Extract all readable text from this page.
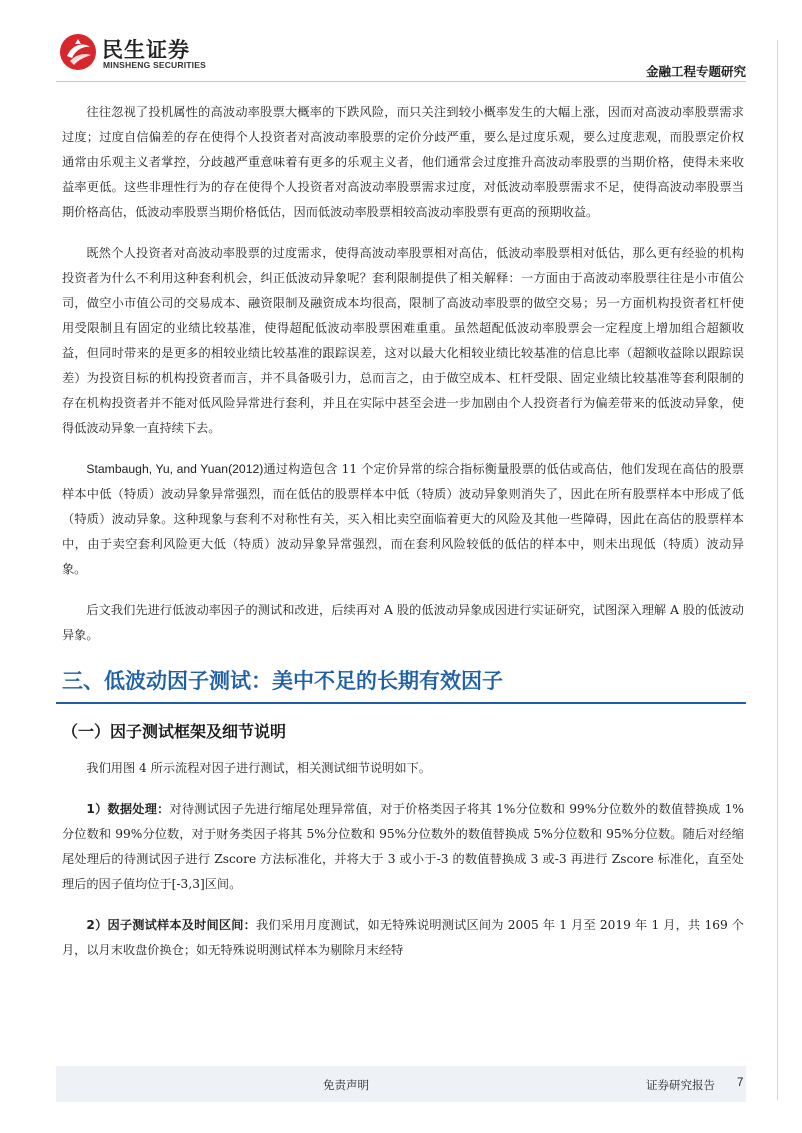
民生证券
MINSHENG SECURITIES	金融工程专题研究

往往忽视了投机属性的高波动率股票大概率的下跌风险，而只关注到较小概率发生的大幅上涨，因而对高波动率股票需求过度；过度自信偏差的存在使得个人投资者对高波动率股票的定价分歧严重，要么是过度乐观，要么过度悲观，而股票定价权通常由乐观主义者掌控，分歧越严重意味着有更多的乐观主义者，他们通常会过度推升高波动率股票的当期价格，使得未来收益率更低。这些非理性行为的存在使得个人投资者对高波动率股票需求过度，对低波动率股票需求不足，使得高波动率股票当期价格高估，低波动率股票当期价格低估，因而低波动率股票相较高波动率股票有更高的预期收益。

既然个人投资者对高波动率股票的过度需求，使得高波动率股票相对高估，低波动率股票相对低估，那么更有经验的机构投资者为什么不利用这种套利机会，纠正低波动异象呢？套利限制提供了相关解释：一方面由于高波动率股票往往是小市值公司，做空小市值公司的交易成本、融资限制及融资成本均很高，限制了高波动率股票的做空交易；另一方面机构投资者杠杆使用受限制且有固定的业绩比较基准，使得超配低波动率股票困难重重。虽然超配低波动率股票会一定程度上增加组合超额收益，但同时带来的是更多的相较业绩比较基准的跟踪误差，这对以最大化相较业绩比较基准的信息比率（超额收益除以跟踪误差）为投资目标的机构投资者而言，并不具备吸引力，总而言之，由于做空成本、杠杆受限、固定业绩比较基准等套利限制的存在机构投资者并不能对低风险异常进行套利，并且在实际中甚至会进一步加剧由个人投资者行为偏差带来的低波动异象，使得低波动异象一直持续下去。

Stambaugh, Yu, and Yuan(2012)通过构造包含 11 个定价异常的综合指标衡量股票的低估或高估，他们发现在高估的股票样本中低（特质）波动异象异常强烈，而在低估的股票样本中低（特质）波动异象则消失了，因此在所有股票样本中形成了低（特质）波动异象。这种现象与套利不对称性有关，买入相比卖空面临着更大的风险及其他一些障碍，因此在高估的股票样本中，由于卖空套利风险更大低（特质）波动异象异常强烈，而在套利风险较低的低估的样本中，则未出现低（特质）波动异象。

后文我们先进行低波动率因子的测试和改进，后续再对 A 股的低波动异象成因进行实证研究，试图深入理解 A 股的低波动异象。

三、低波动因子测试：美中不足的长期有效因子
（一）因子测试框架及细节说明

我们用图 4 所示流程对因子进行测试，相关测试细节说明如下。

1）数据处理：对待测试因子先进行缩尾处理异常值，对于价格类因子将其 1%分位数和 99%分位数外的数值替换成 1%分位数和 99%分位数，对于财务类因子将其 5%分位数和 95%分位数外的数值替换成 5%分位数和 95%分位数。随后对经缩尾处理后的待测试因子进行 Zscore 方法标准化，并将大于 3 或小于-3 的数值替换成 3 或-3 再进行 Zscore 标准化，直至处理后的因子值均位于[-3,3]区间。

2）因子测试样本及时间区间：我们采用月度测试，如无特殊说明测试区间为 2005 年 1 月至 2019 年 1 月，共 169 个月，以月末收盘价换仓；如无特殊说明测试样本为剔除月末经特

免责声明	证券研究报告 7
